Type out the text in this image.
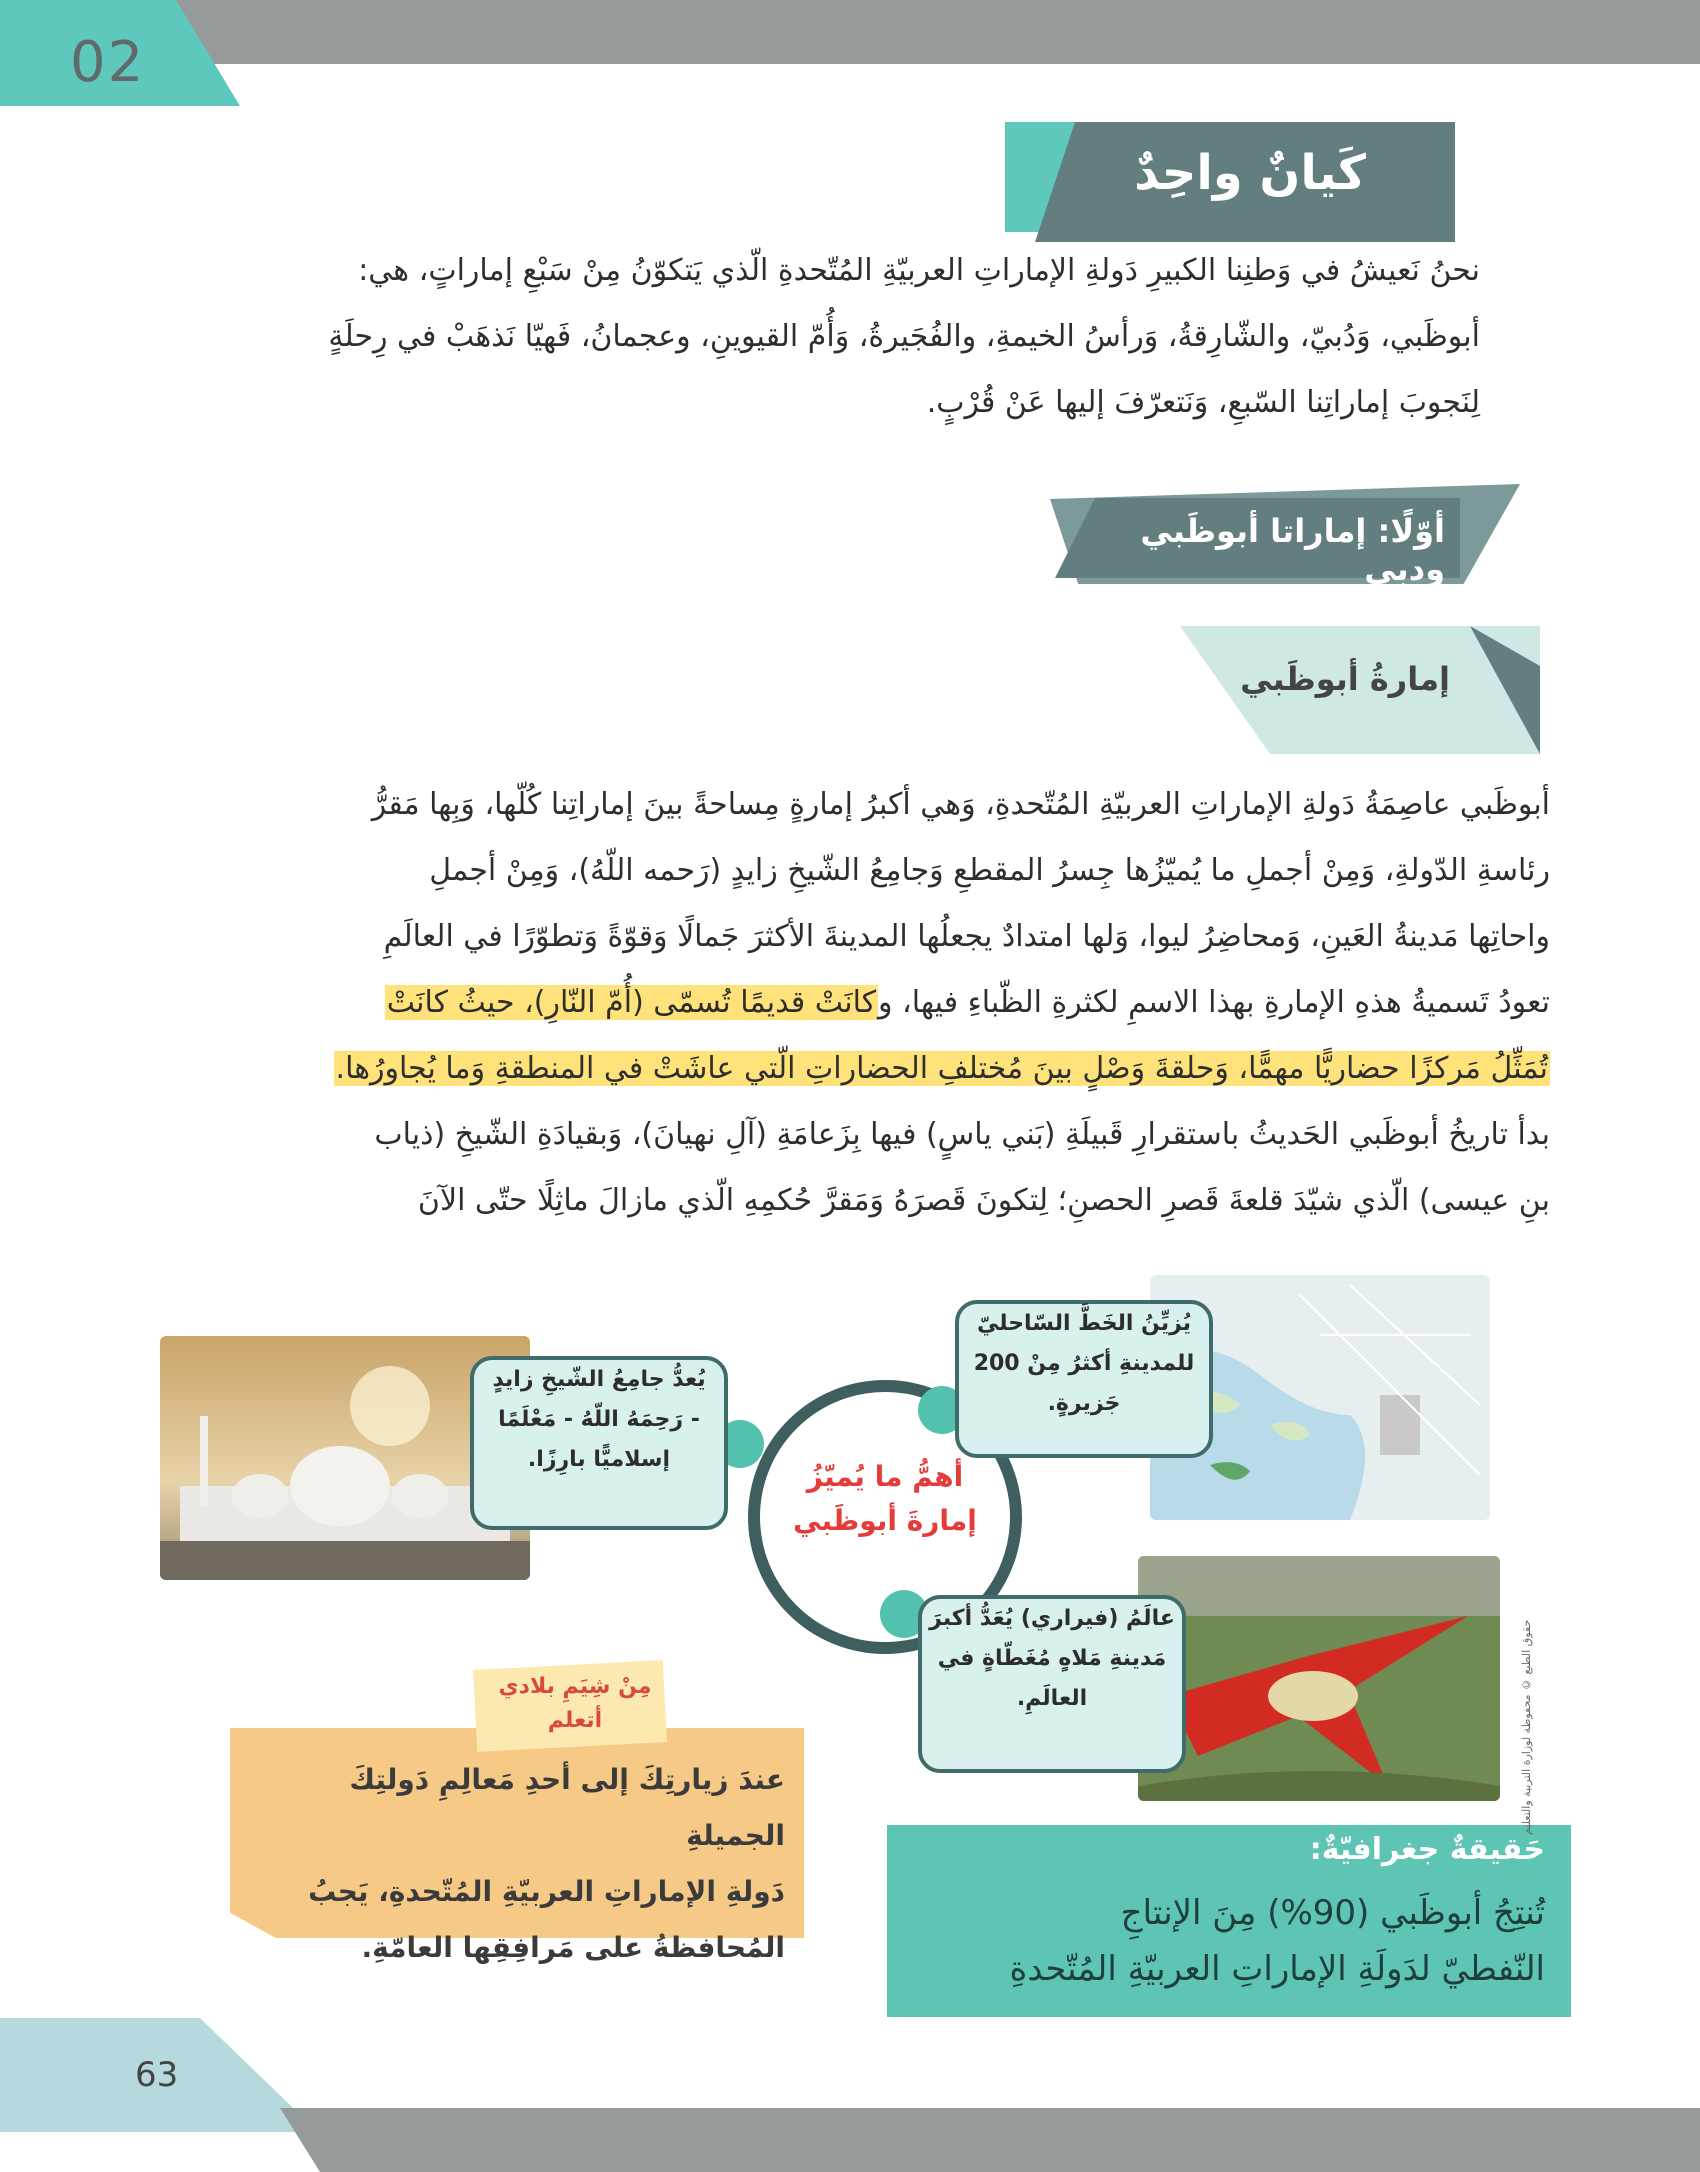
02
كَيانٌ واحِدٌ
نحنُ نَعيشُ في وَطنِنا الكبيرِ دَولةِ الإماراتِ العربيّةِ المُتّحدةِ الّذي يَتكوّنُ مِنْ سَبْعِ إماراتٍ، هي:
أبوظَبي، وَدُبيّ، والشّارِقةُ، وَرأسُ الخيمةِ، والفُجَيرةُ، وَأُمّ القيوينِ، وعجمانُ، فَهيّا نَذهَبْ في رِحلَةٍ
لِنَجوبَ إماراتِنا السّبعِ، وَنَتعرّفَ إليها عَنْ قُرْبٍ.
أوّلًا: إماراتا أبوظَبي ودبي
إمارةُ أبوظَبي
أبوظَبي عاصِمَةُ دَولةِ الإماراتِ العربيّةِ المُتّحدةِ، وَهي أكبرُ إمارةٍ مِساحةً بينَ إماراتِنا كُلّها، وَبِها مَقرُّ
رئاسةِ الدّولةِ، وَمِنْ أجملِ ما يُميّزُها جِسرُ المقطعِ وَجامِعُ الشّيخِ زايدٍ (رَحمه اللّهُ)، وَمِنْ أجملِ
واحاتِها مَدينةُ العَينِ، وَمحاضِرُ ليوا، وَلها امتدادٌ يجعلُها المدينةَ الأكثرَ جَمالًا وَقوّةً وَتطوّرًا في العالَمِ
تعودُ تَسميةُ هذهِ الإمارةِ بهذا الاسمِ لكثرةِ الظّباءِ فيها، وكانَتْ قديمًا تُسمّى (أُمّ النّارِ)، حيثُ كانَتْ
تُمَثِّلُ مَركزًا حضاريًّا مهمًّا، وَحلقةَ وَصْلٍ بينَ مُختلفِ الحضاراتِ الّتي عاشَتْ في المنطقةِ وَما يُجاورُها.
بدأ تاريخُ أبوظَبي الحَديثُ باستقرارِ قَبيلَةِ (بَني ياسٍ) فيها بِزَعامَةِ (آلِ نهيانَ)، وَبقيادَةِ الشّيخِ (ذياب
بنِ عيسى) الّذي شيّدَ قلعةَ قَصرِ الحصنِ؛ لِتكونَ قَصرَهُ وَمَقرَّ حُكمِهِ الّذي مازالَ ماثِلًا حتّى الآنَ
أهمُّ ما يُميّزُ
إمارةَ أبوظَبي
يُزيِّنُ الخَطَّ السّاحليّ
للمدينةِ أكثرُ مِنْ 200
جَزيرةٍ.
يُعدُّ جامِعُ الشّيخِ زايدٍ
- رَحِمَهُ اللّهُ - مَعْلَمًا
إسلاميًّا بارِزًا.
عالَمُ (فيراري) يُعَدُّ أكبرَ
مَدينةِ مَلاهٍ مُغَطّاةٍ في
العالَمِ.
مِنْ شِيَمِ بلادي
أتعلم
عندَ زيارتِكَ إلى أحدِ مَعالِمِ دَولتِكَ الجميلةِ
دَولةِ الإماراتِ العربيّةِ المُتّحدةِ، يَجبُ
المُحافظةُ على مَرافِقِها العامّةِ.
حَقيقةٌ جغرافيّةٌ:
تُنتِجُ أبوظَبي (90%) مِنَ الإنتاجِ
النّفطيّ لدَولَةِ الإماراتِ العربيّةِ المُتّحدةِ
حقوق الطبع © محفوظة لوزارة التربية والتعليم
63
